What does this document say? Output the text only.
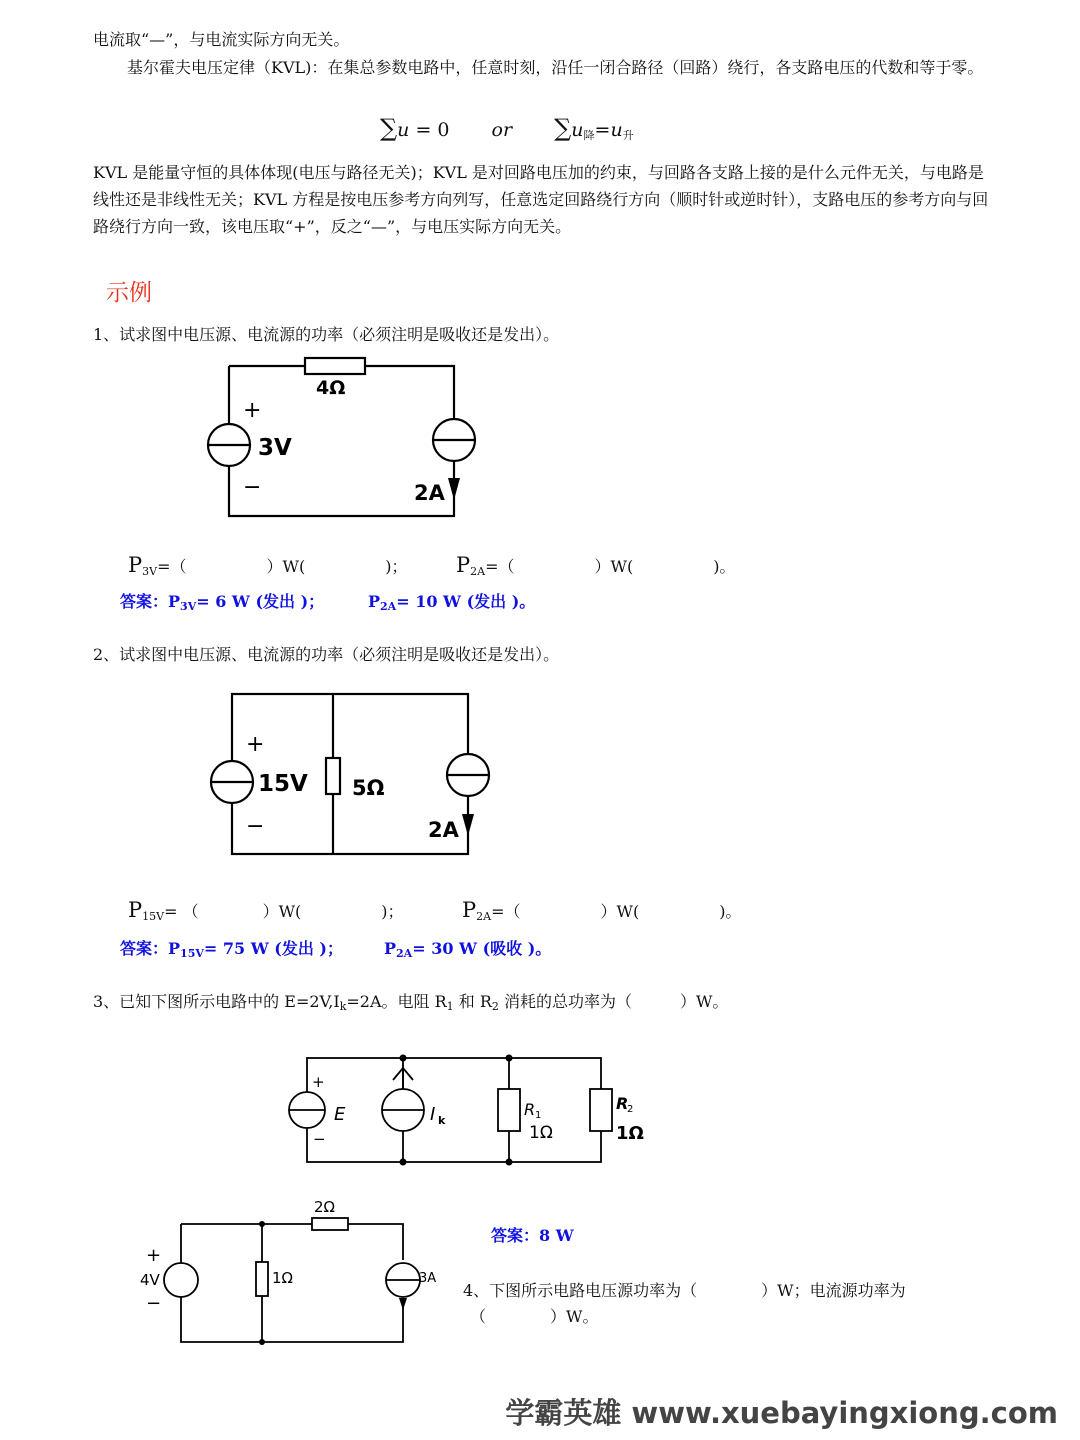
电流取“—”，与电流实际方向无关。

基尔霍夫电压定律（KVL)：在集总参数电路中，任意时刻，沿任一闭合路径（回路）绕行，各支路电压的代数和等于零。

∑u = 0 or $\sum u_降=u_升$

KVL 是能量守恒的具体体现(电压与路径无关)；KVL 是对回路电压加的约束，与回路各支路上接的是什么元件无关，与电路是线性还是非线性无关；KVL 方程是按电压参考方向列写，任意选定回路绕行方向（顺时针或逆时针），支路电压的参考方向与回路绕行方向一致，该电压取“+”，反之“—”，与电压实际方向无关。

示例
1、试求图中电压源、电流源的功率（必须注明是吸收还是发出）。
4Ω
+
−
3V
2A
$P_{3V}=$（　　　　　）W(　　　　　)； $P_{2A}=$（　　　　　）W(　　　　　)。
答案：$P_{3V}= 6$ W (发出 )；	$P_{2A}= 10$ W (发出 )。
2、试求图中电压源、电流源的功率（必须注明是吸收还是发出）。
+
−
15V 5Ω
2A
$P_{15V}=$ （　　　　）W(　　　　　)；	$P_{2A}=$（　　　　　）W(　　　　　)。
答案：$P_{15V}= 75$ W (发出 )；	$P_{2A}= 30$ W (吸收 )。
3、已知下图所示电路中的 $E=2V,I_k=2A$。电阻 $R_1$ 和 $R_2$ 消耗的总功率为（　　　）W。
+
−
E	I k
R 1
1Ω
R
2
1Ω
答案：8 W
2Ω
+
4V
−
1Ω	3A
4、下图所示电路电压源功率为（　　　　）W；电流源功率为
（　　　　）W。
学霸英雄 www.xuebayingxiong.com
